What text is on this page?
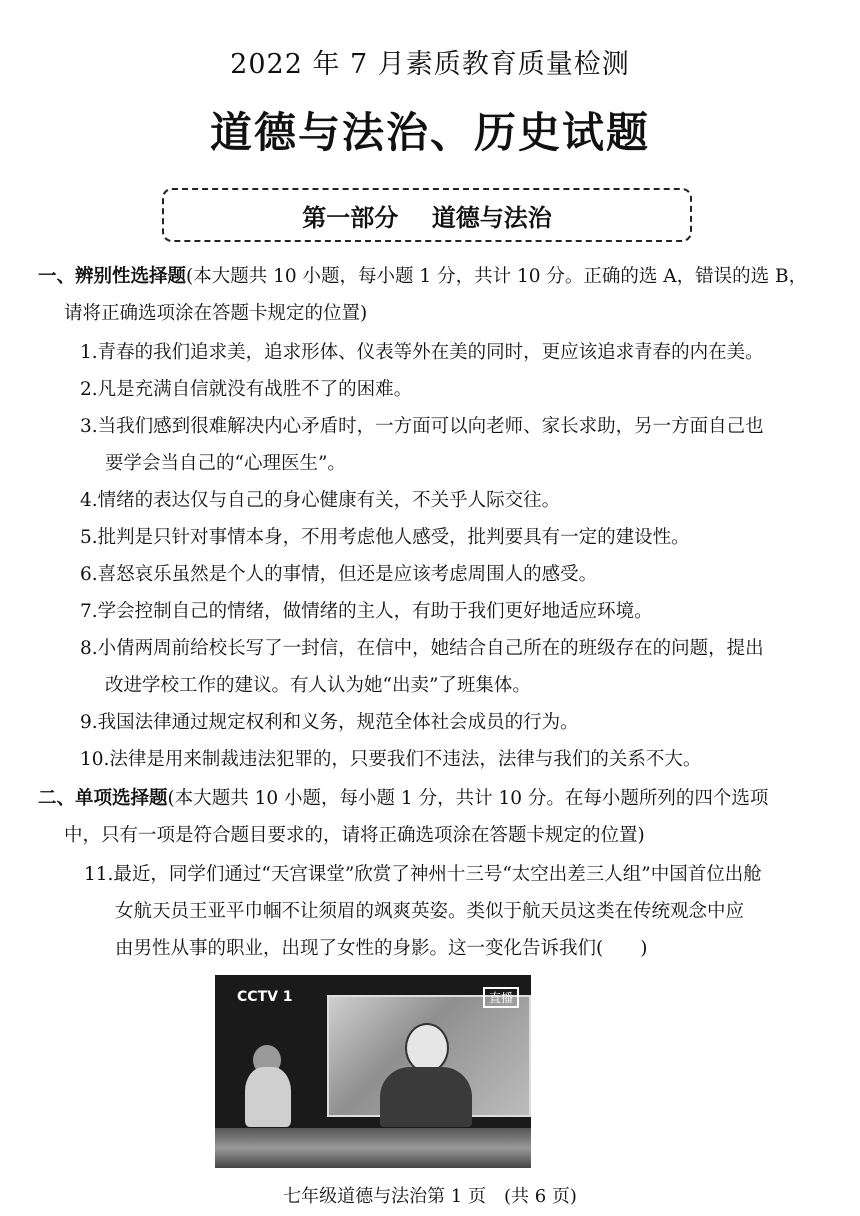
2022 年 7 月素质教育质量检测
道德与法治、历史试题
第一部分
道德与法治
一、辨别性选择题(本大题共 10 小题，每小题 1 分，共计 10 分。正确的选 A，错误的选 B，
请将正确选项涂在答题卡规定的位置)
1.青春的我们追求美，追求形体、仪表等外在美的同时，更应该追求青春的内在美。
2.凡是充满自信就没有战胜不了的困难。
3.当我们感到很难解决内心矛盾时，一方面可以向老师、家长求助，另一方面自己也
要学会当自己的“心理医生”。
4.情绪的表达仅与自己的身心健康有关，不关乎人际交往。
5.批判是只针对事情本身，不用考虑他人感受，批判要具有一定的建设性。
6.喜怒哀乐虽然是个人的事情，但还是应该考虑周围人的感受。
7.学会控制自己的情绪，做情绪的主人，有助于我们更好地适应环境。
8.小倩两周前给校长写了一封信，在信中，她结合自己所在的班级存在的问题，提出
改进学校工作的建议。有人认为她“出卖”了班集体。
9.我国法律通过规定权利和义务，规范全体社会成员的行为。
10.法律是用来制裁违法犯罪的，只要我们不违法，法律与我们的关系不大。
二、单项选择题(本大题共 10 小题，每小题 1 分，共计 10 分。在每小题所列的四个选项
中，只有一项是符合题目要求的，请将正确选项涂在答题卡规定的位置)
11.最近，同学们通过“天宫课堂”欣赏了神州十三号“太空出差三人组”中国首位出舱
女航天员王亚平巾帼不让须眉的飒爽英姿。类似于航天员这类在传统观念中应
由男性从事的职业，出现了女性的身影。这一变化告诉我们(　　)
CCTV 1	直播
七年级道德与法治第 1 页　(共 6 页)
